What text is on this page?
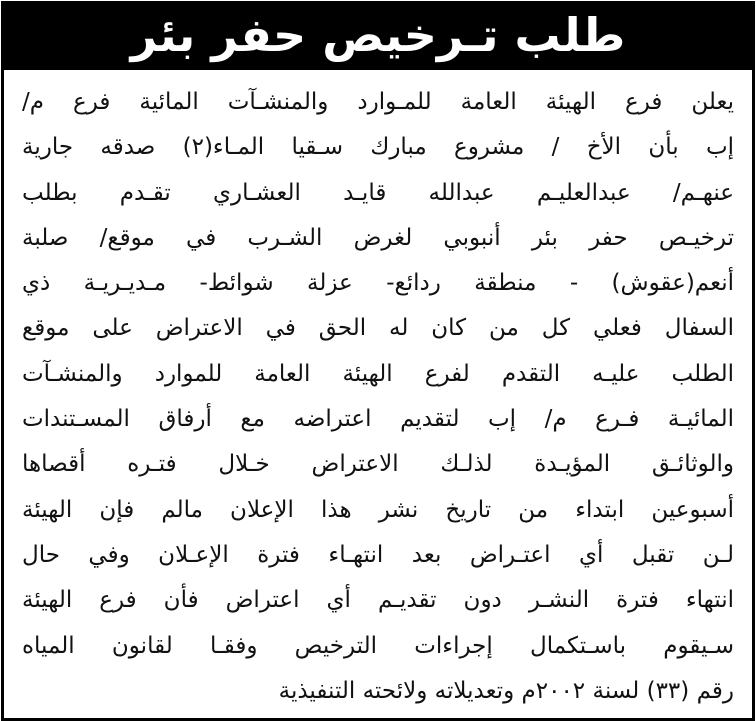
طلب تـرخيص حفر بئر
يعلن فرع الهيئة العامة للمـوارد والمنشـآت المائية فرع م/
إب بأن الأخ / مشروع مبارك سـقيا المـاء(٢) صدقه جارية
عنهـم/ عبدالعليـم عبدالله قايـد العشـاري تقـدم بطلب
ترخيـص حفر بئر أنبوبي لغرض الشـرب في موقع/ صلبة
أنعم(عقوش) - منطقة ردائع- عزلة شوائط- مـديـريـة ذي
السفال فعلي كل من كان له الحق في الاعتراض على موقع
الطلب عليـه التقدم لفرع الهيئة العامة للموارد والمنشـآت
المائيـة فـرع م/ إب لتقديم اعتراضه مع أرفاق المسـتندات
والوثائـق المؤيـدة لذلـك الاعتراض خـلال فتـره أقصاها
أسبوعين ابتداء من تاريخ نشر هذا الإعلان مالم فإن الهيئة
لـن تقبل أي اعتـراض بعد انتهـاء فترة الإعـلان وفي حال
انتهاء فترة النشـر دون تقديـم أي اعتراض فأن فرع الهيئة
سـيقوم باسـتكمال إجراءات الترخيص وفقـا لقانون المياه
رقم (٣٣) لسنة ٢٠٠٢م وتعديلاته ولائحته التنفيذية
